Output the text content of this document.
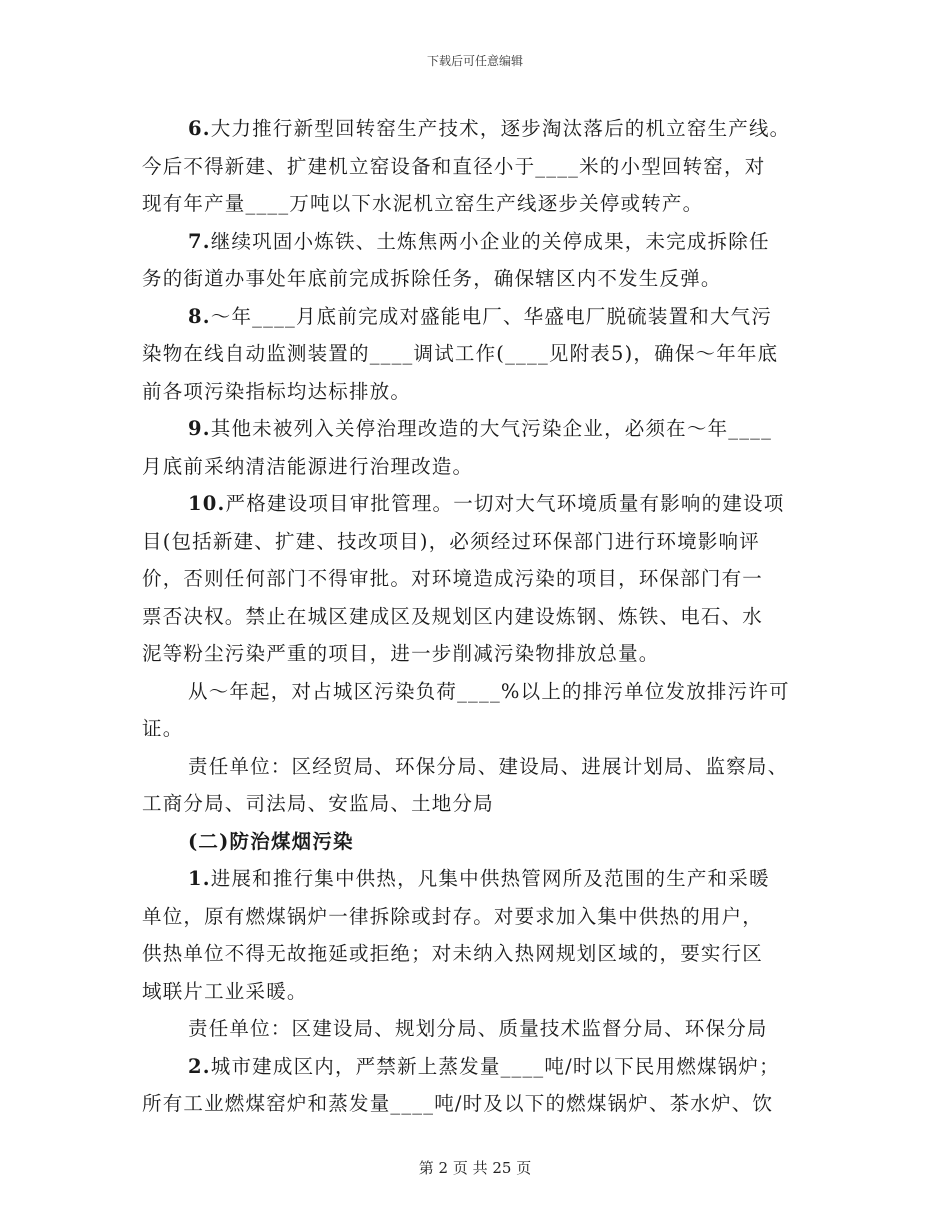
下载后可任意编辑
6.大力推行新型回转窑生产技术，逐步淘汰落后的机立窑生产线。
今后不得新建、扩建机立窑设备和直径小于____米的小型回转窑，对
现有年产量____万吨以下水泥机立窑生产线逐步关停或转产。
7.继续巩固小炼铁、土炼焦两小企业的关停成果，未完成拆除任
务的街道办事处年底前完成拆除任务，确保辖区内不发生反弹。
8.～年____月底前完成对盛能电厂、华盛电厂脱硫装置和大气污
染物在线自动监测装置的____调试工作(____见附表5)，确保～年年底
前各项污染指标均达标排放。
9.其他未被列入关停治理改造的大气污染企业，必须在～年____
月底前采纳清洁能源进行治理改造。
10.严格建设项目审批管理。一切对大气环境质量有影响的建设项
目(包括新建、扩建、技改项目)，必须经过环保部门进行环境影响评
价，否则任何部门不得审批。对环境造成污染的项目，环保部门有一
票否决权。禁止在城区建成区及规划区内建设炼钢、炼铁、电石、水
泥等粉尘污染严重的项目，进一步削减污染物排放总量。
从～年起，对占城区污染负荷____%以上的排污单位发放排污许可
证。
责任单位：区经贸局、环保分局、建设局、进展计划局、监察局、
工商分局、司法局、安监局、土地分局
(二)防治煤烟污染
1.进展和推行集中供热，凡集中供热管网所及范围的生产和采暖
单位，原有燃煤锅炉一律拆除或封存。对要求加入集中供热的用户，
供热单位不得无故拖延或拒绝；对未纳入热网规划区域的，要实行区
域联片工业采暖。
责任单位：区建设局、规划分局、质量技术监督分局、环保分局
2.城市建成区内，严禁新上蒸发量____吨/时以下民用燃煤锅炉；
所有工业燃煤窑炉和蒸发量____吨/时及以下的燃煤锅炉、茶水炉、饮
第 2 页 共 25 页
